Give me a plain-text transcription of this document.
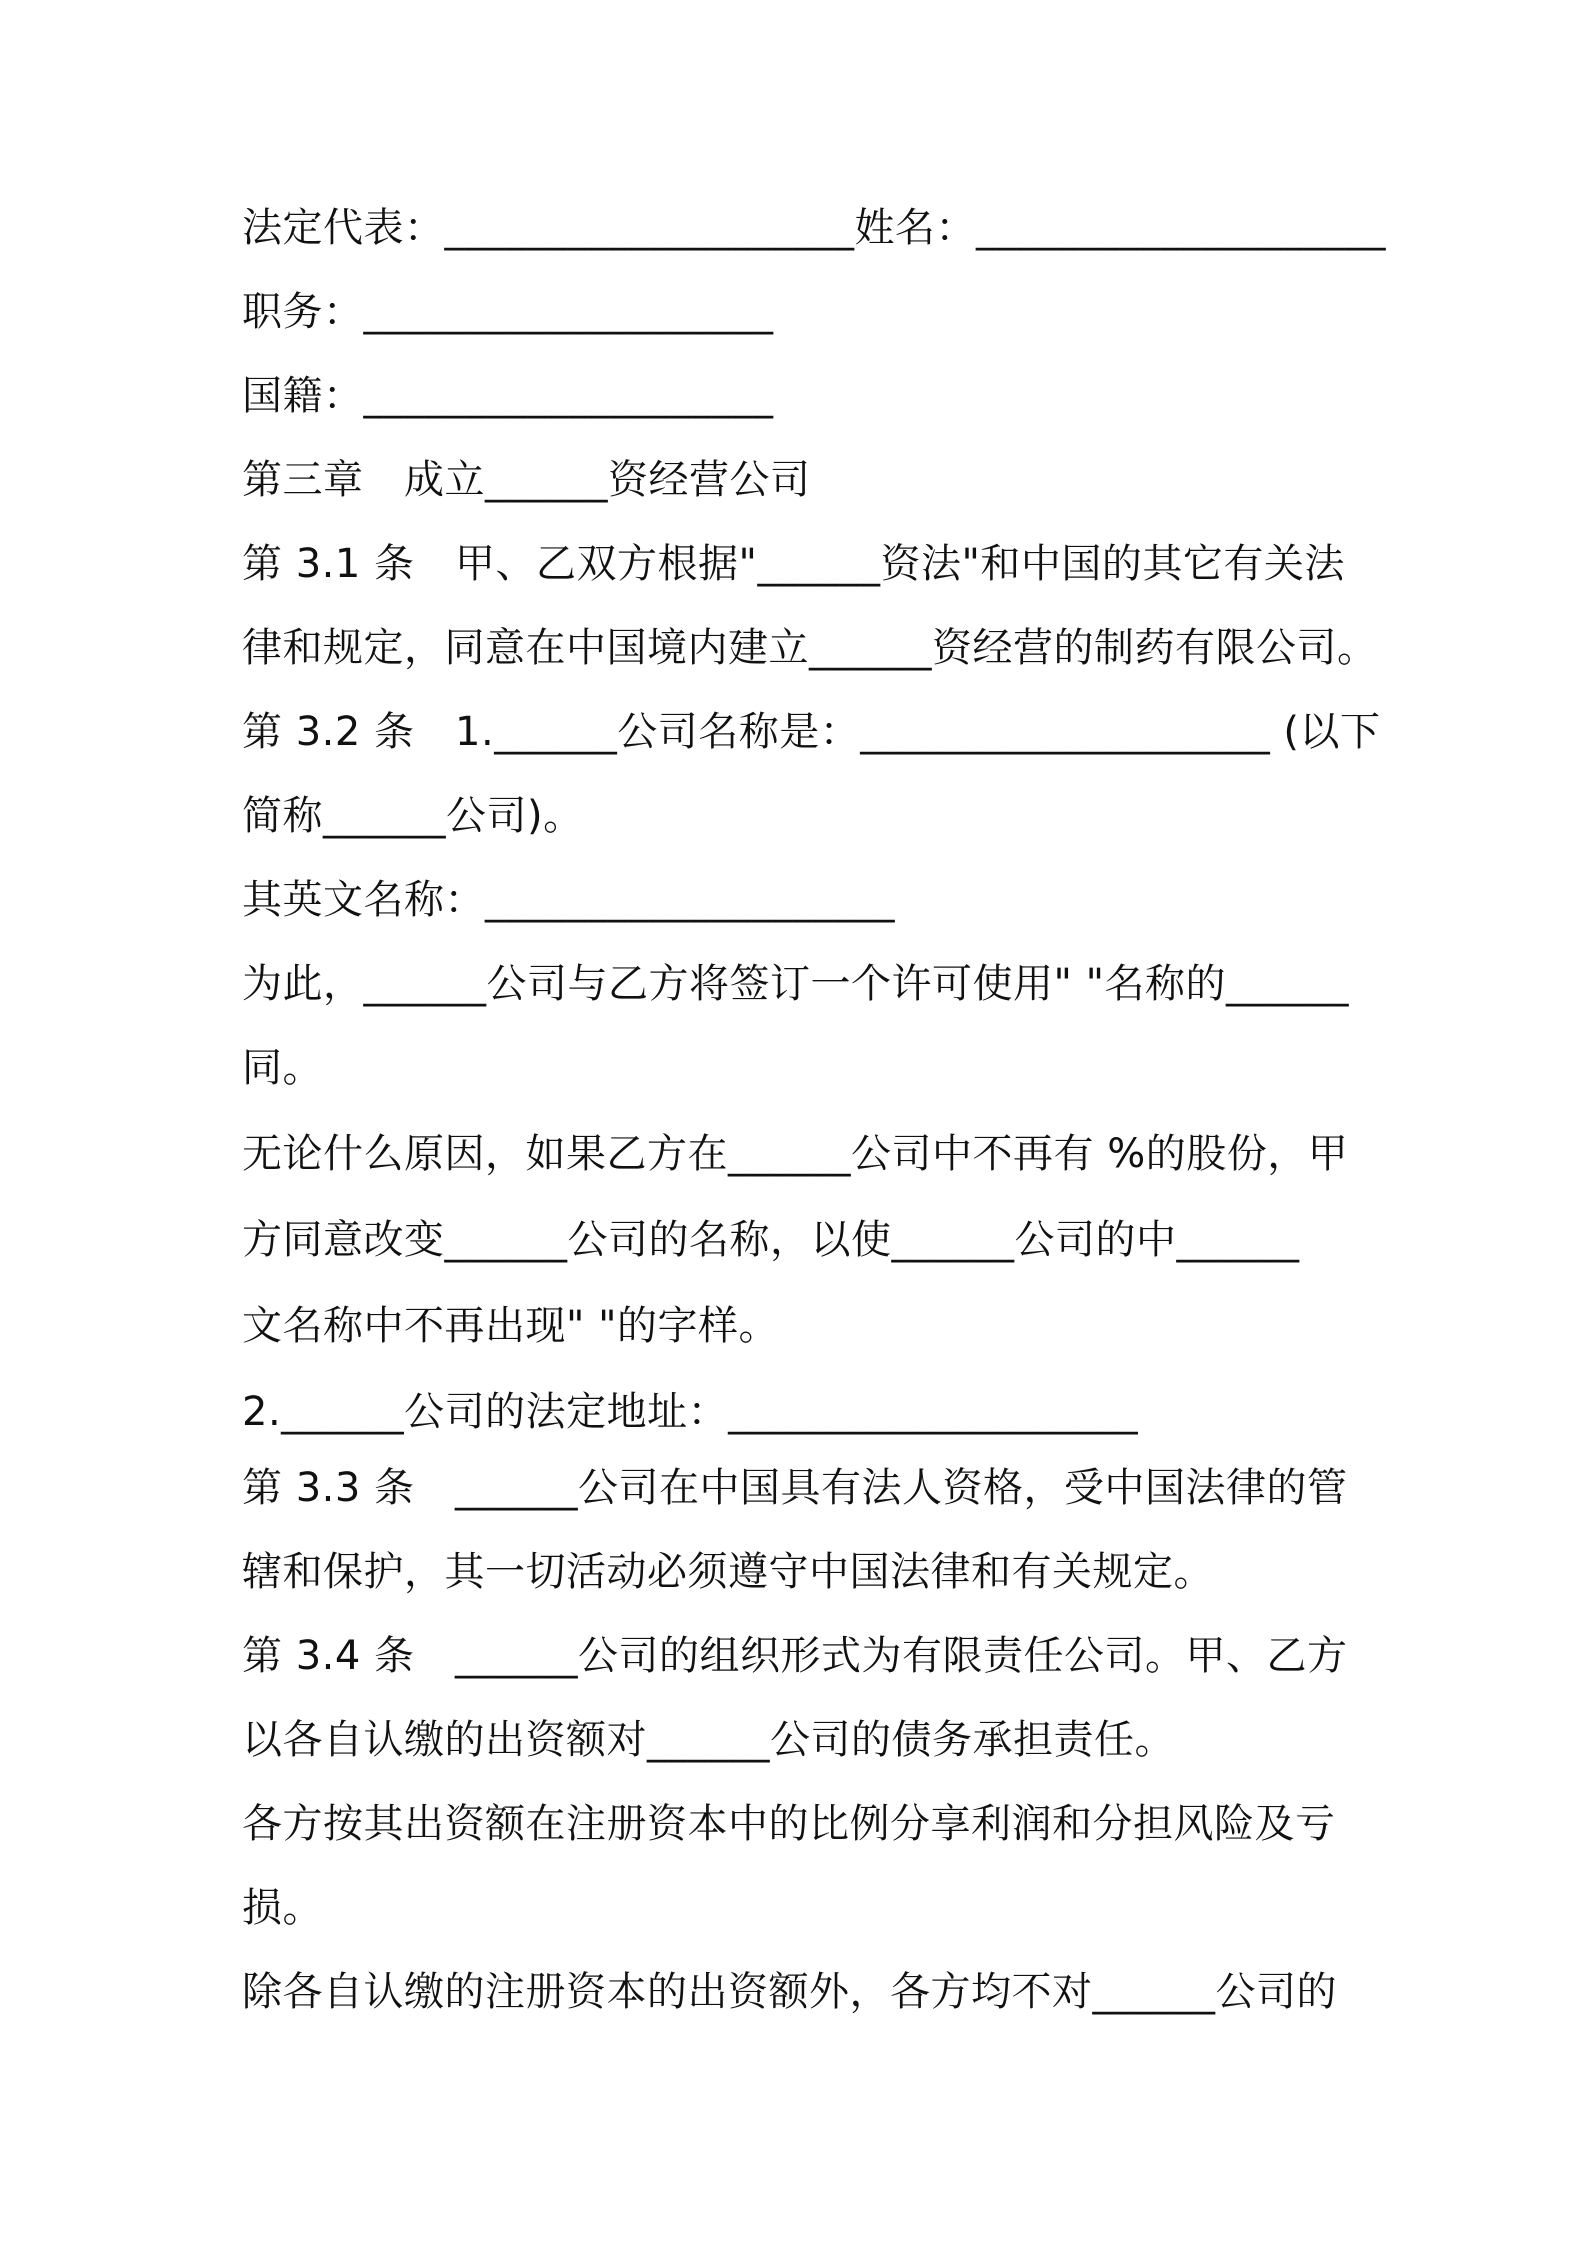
法定代表：____________________姓名：____________________
职务：____________________
国籍：____________________
第三章　成立______资经营公司
第 3.1 条　甲、乙双方根据"______资法"和中国的其它有关法
律和规定，同意在中国境内建立______资经营的制药有限公司。
第 3.2 条　1.______公司名称是：____________________ (以下
简称______公司)。
其英文名称：____________________
为此，______公司与乙方将签订一个许可使用" "名称的______
同。
无论什么原因，如果乙方在______公司中不再有 %的股份，甲
方同意改变______公司的名称，以使______公司的中______
文名称中不再出现" "的字样。
2.______公司的法定地址：____________________
第 3.3 条　______公司在中国具有法人资格，受中国法律的管
辖和保护，其一切活动必须遵守中国法律和有关规定。
第 3.4 条　______公司的组织形式为有限责任公司。甲、乙方
以各自认缴的出资额对______公司的债务承担责任。
各方按其出资额在注册资本中的比例分享利润和分担风险及亏
损。
除各自认缴的注册资本的出资额外，各方均不对______公司的
